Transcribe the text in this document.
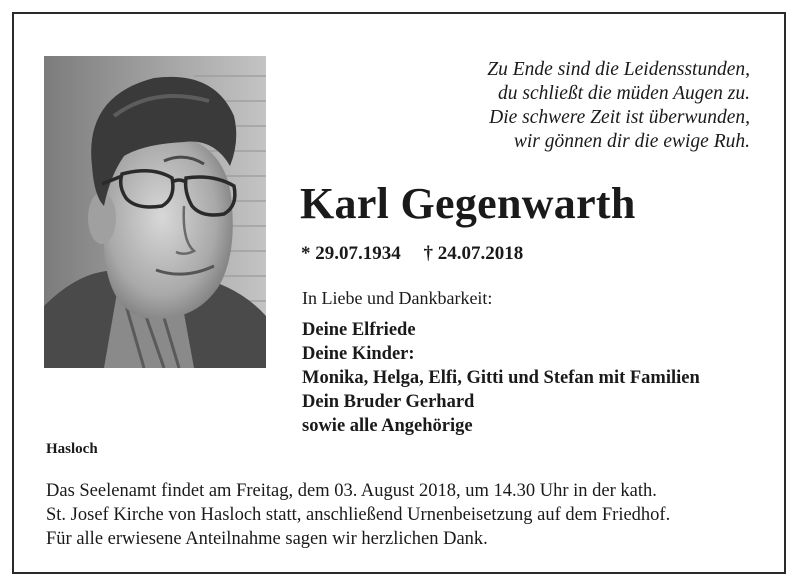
Zu Ende sind die Leidensstunden,
du schließt die müden Augen zu.
Die schwere Zeit ist überwunden,
wir gönnen dir die ewige Ruh.
Karl Gegenwarth
* 29.07.1934 † 24.07.2018
In Liebe und Dankbarkeit:
Deine Elfriede
Deine Kinder:
Monika, Helga, Elfi, Gitti und Stefan mit Familien
Dein Bruder Gerhard
sowie alle Angehörige
Hasloch
Das Seelenamt findet am Freitag, dem 03. August 2018, um 14.30 Uhr in der kath.
St. Josef Kirche von Hasloch statt, anschließend Urnenbeisetzung auf dem Friedhof.
Für alle erwiesene Anteilnahme sagen wir herzlichen Dank.
